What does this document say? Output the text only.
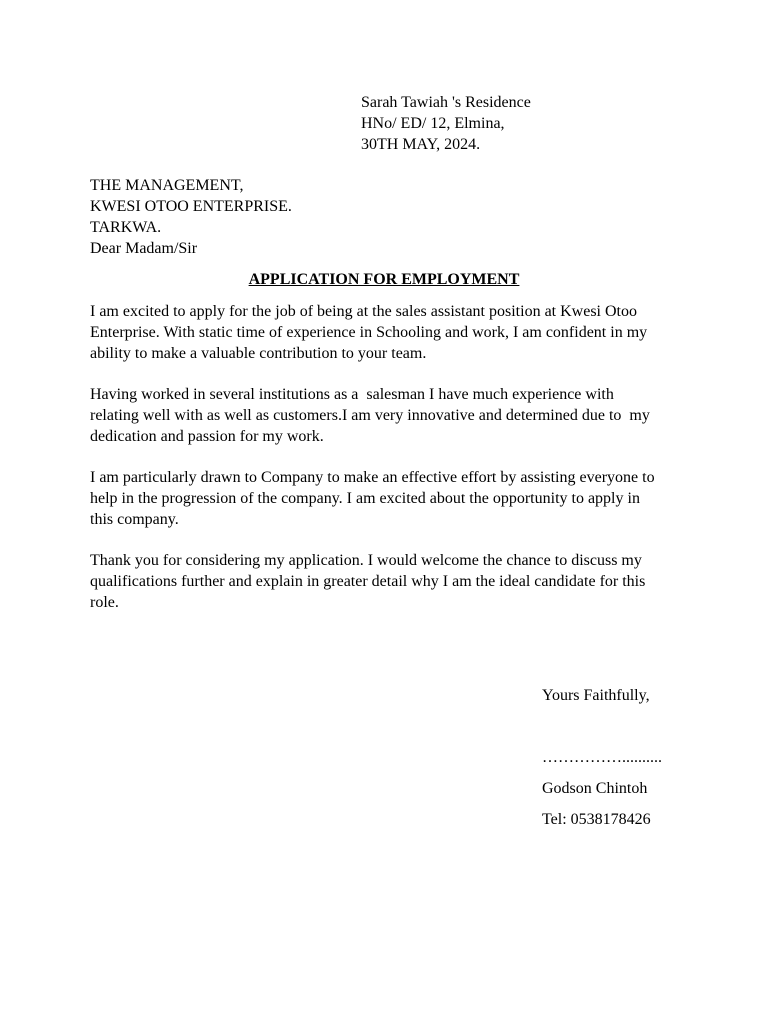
Sarah Tawiah 's Residence

HNo/ ED/ 12, Elmina,

30TH MAY, 2024.

THE MANAGEMENT,

KWESI OTOO ENTERPRISE.

TARKWA.

Dear Madam/Sir

APPLICATION FOR EMPLOYMENT

I am excited to apply for the job of being at the sales assistant position at Kwesi Otoo
Enterprise. With static time of experience in Schooling and work, I am confident in my
ability to make a valuable contribution to your team.
Having worked in several institutions as a  salesman I have much experience with
relating well with as well as customers.I am very innovative and determined due to  my
dedication and passion for my work.
I am particularly drawn to Company to make an effective effort by assisting everyone to
help in the progression of the company. I am excited about the opportunity to apply in
this company.
Thank you for considering my application. I would welcome the chance to discuss my
qualifications further and explain in greater detail why I am the ideal candidate for this
role.

Yours Faithfully,

……………..........

Godson Chintoh

Tel: 0538178426
